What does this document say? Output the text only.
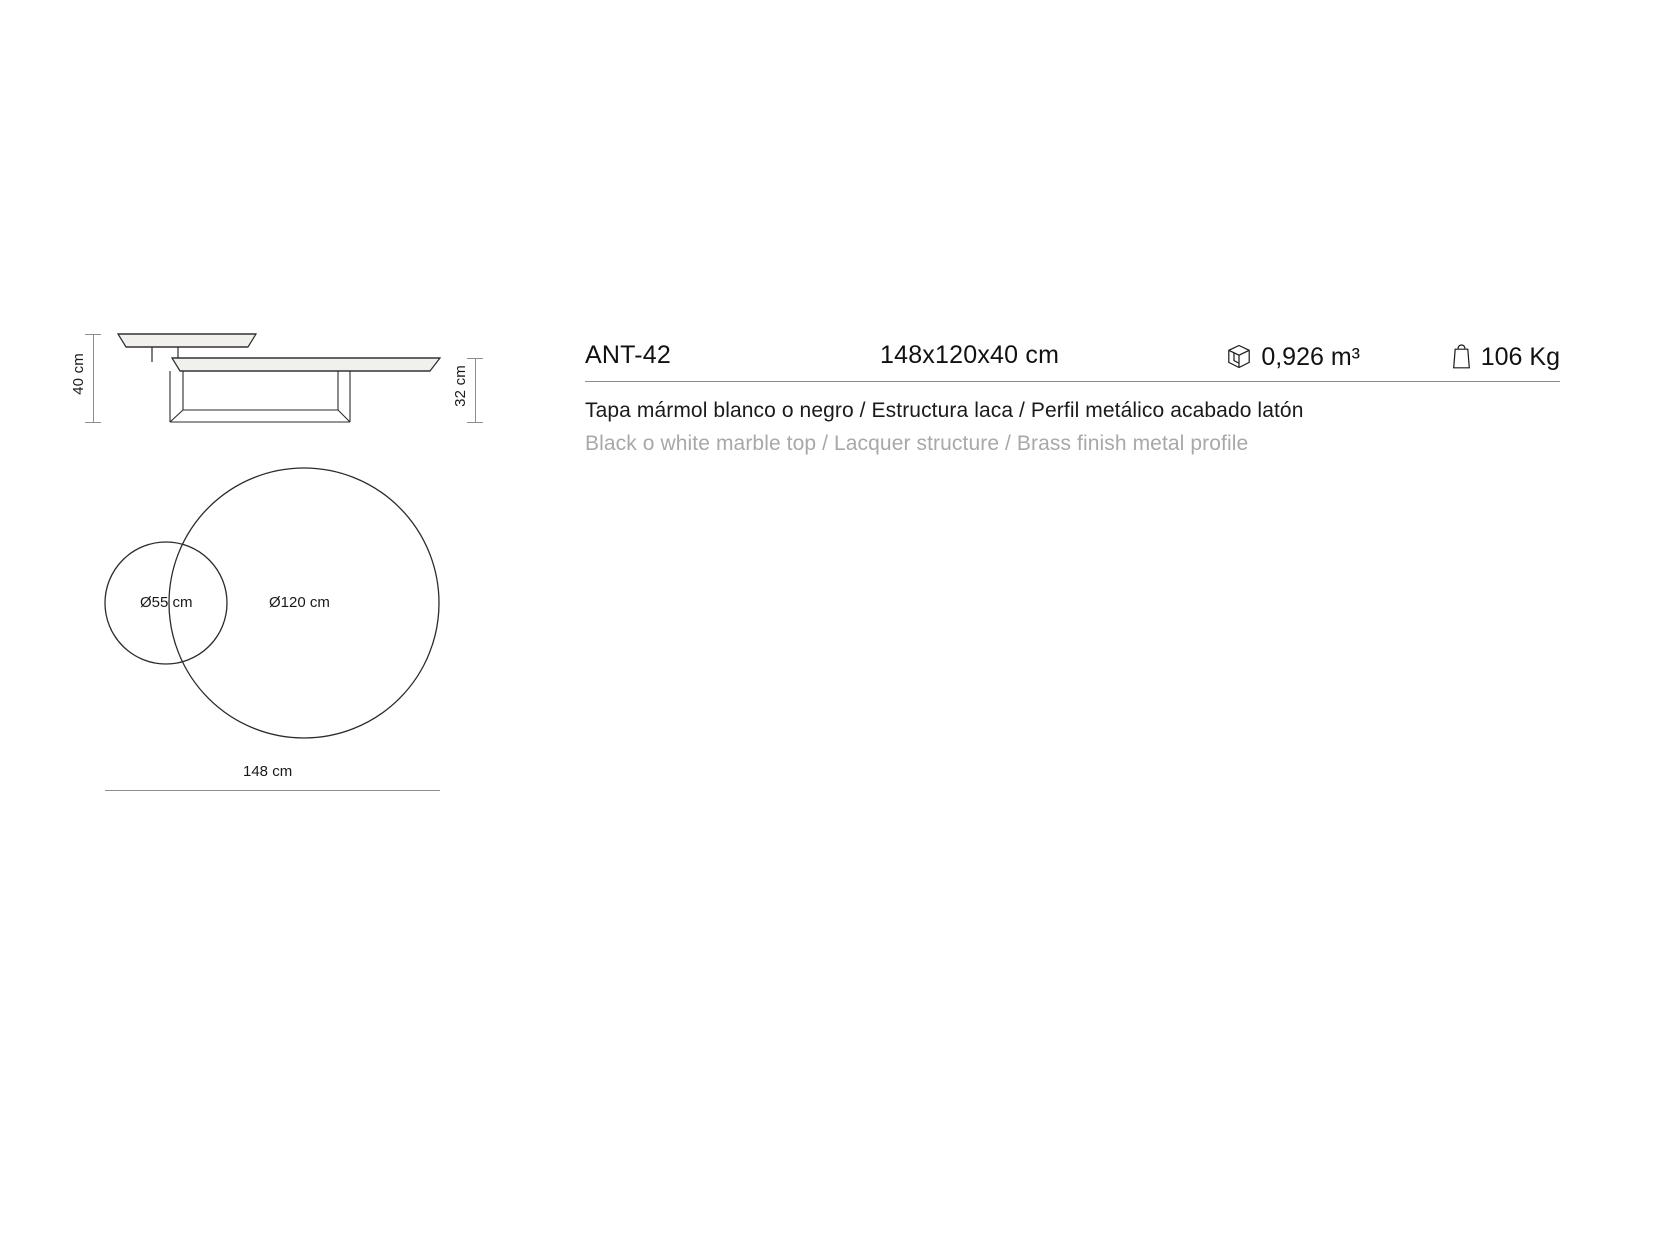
40 cm	32 cm
Ø55 cm	Ø120 cm
148 cm
ANT-42	148x120x40 cm	0,926 m³	106 Kg
Tapa mármol blanco o negro / Estructura laca / Perfil metálico acabado latón
Black o white marble top / Lacquer structure / Brass finish metal profile
